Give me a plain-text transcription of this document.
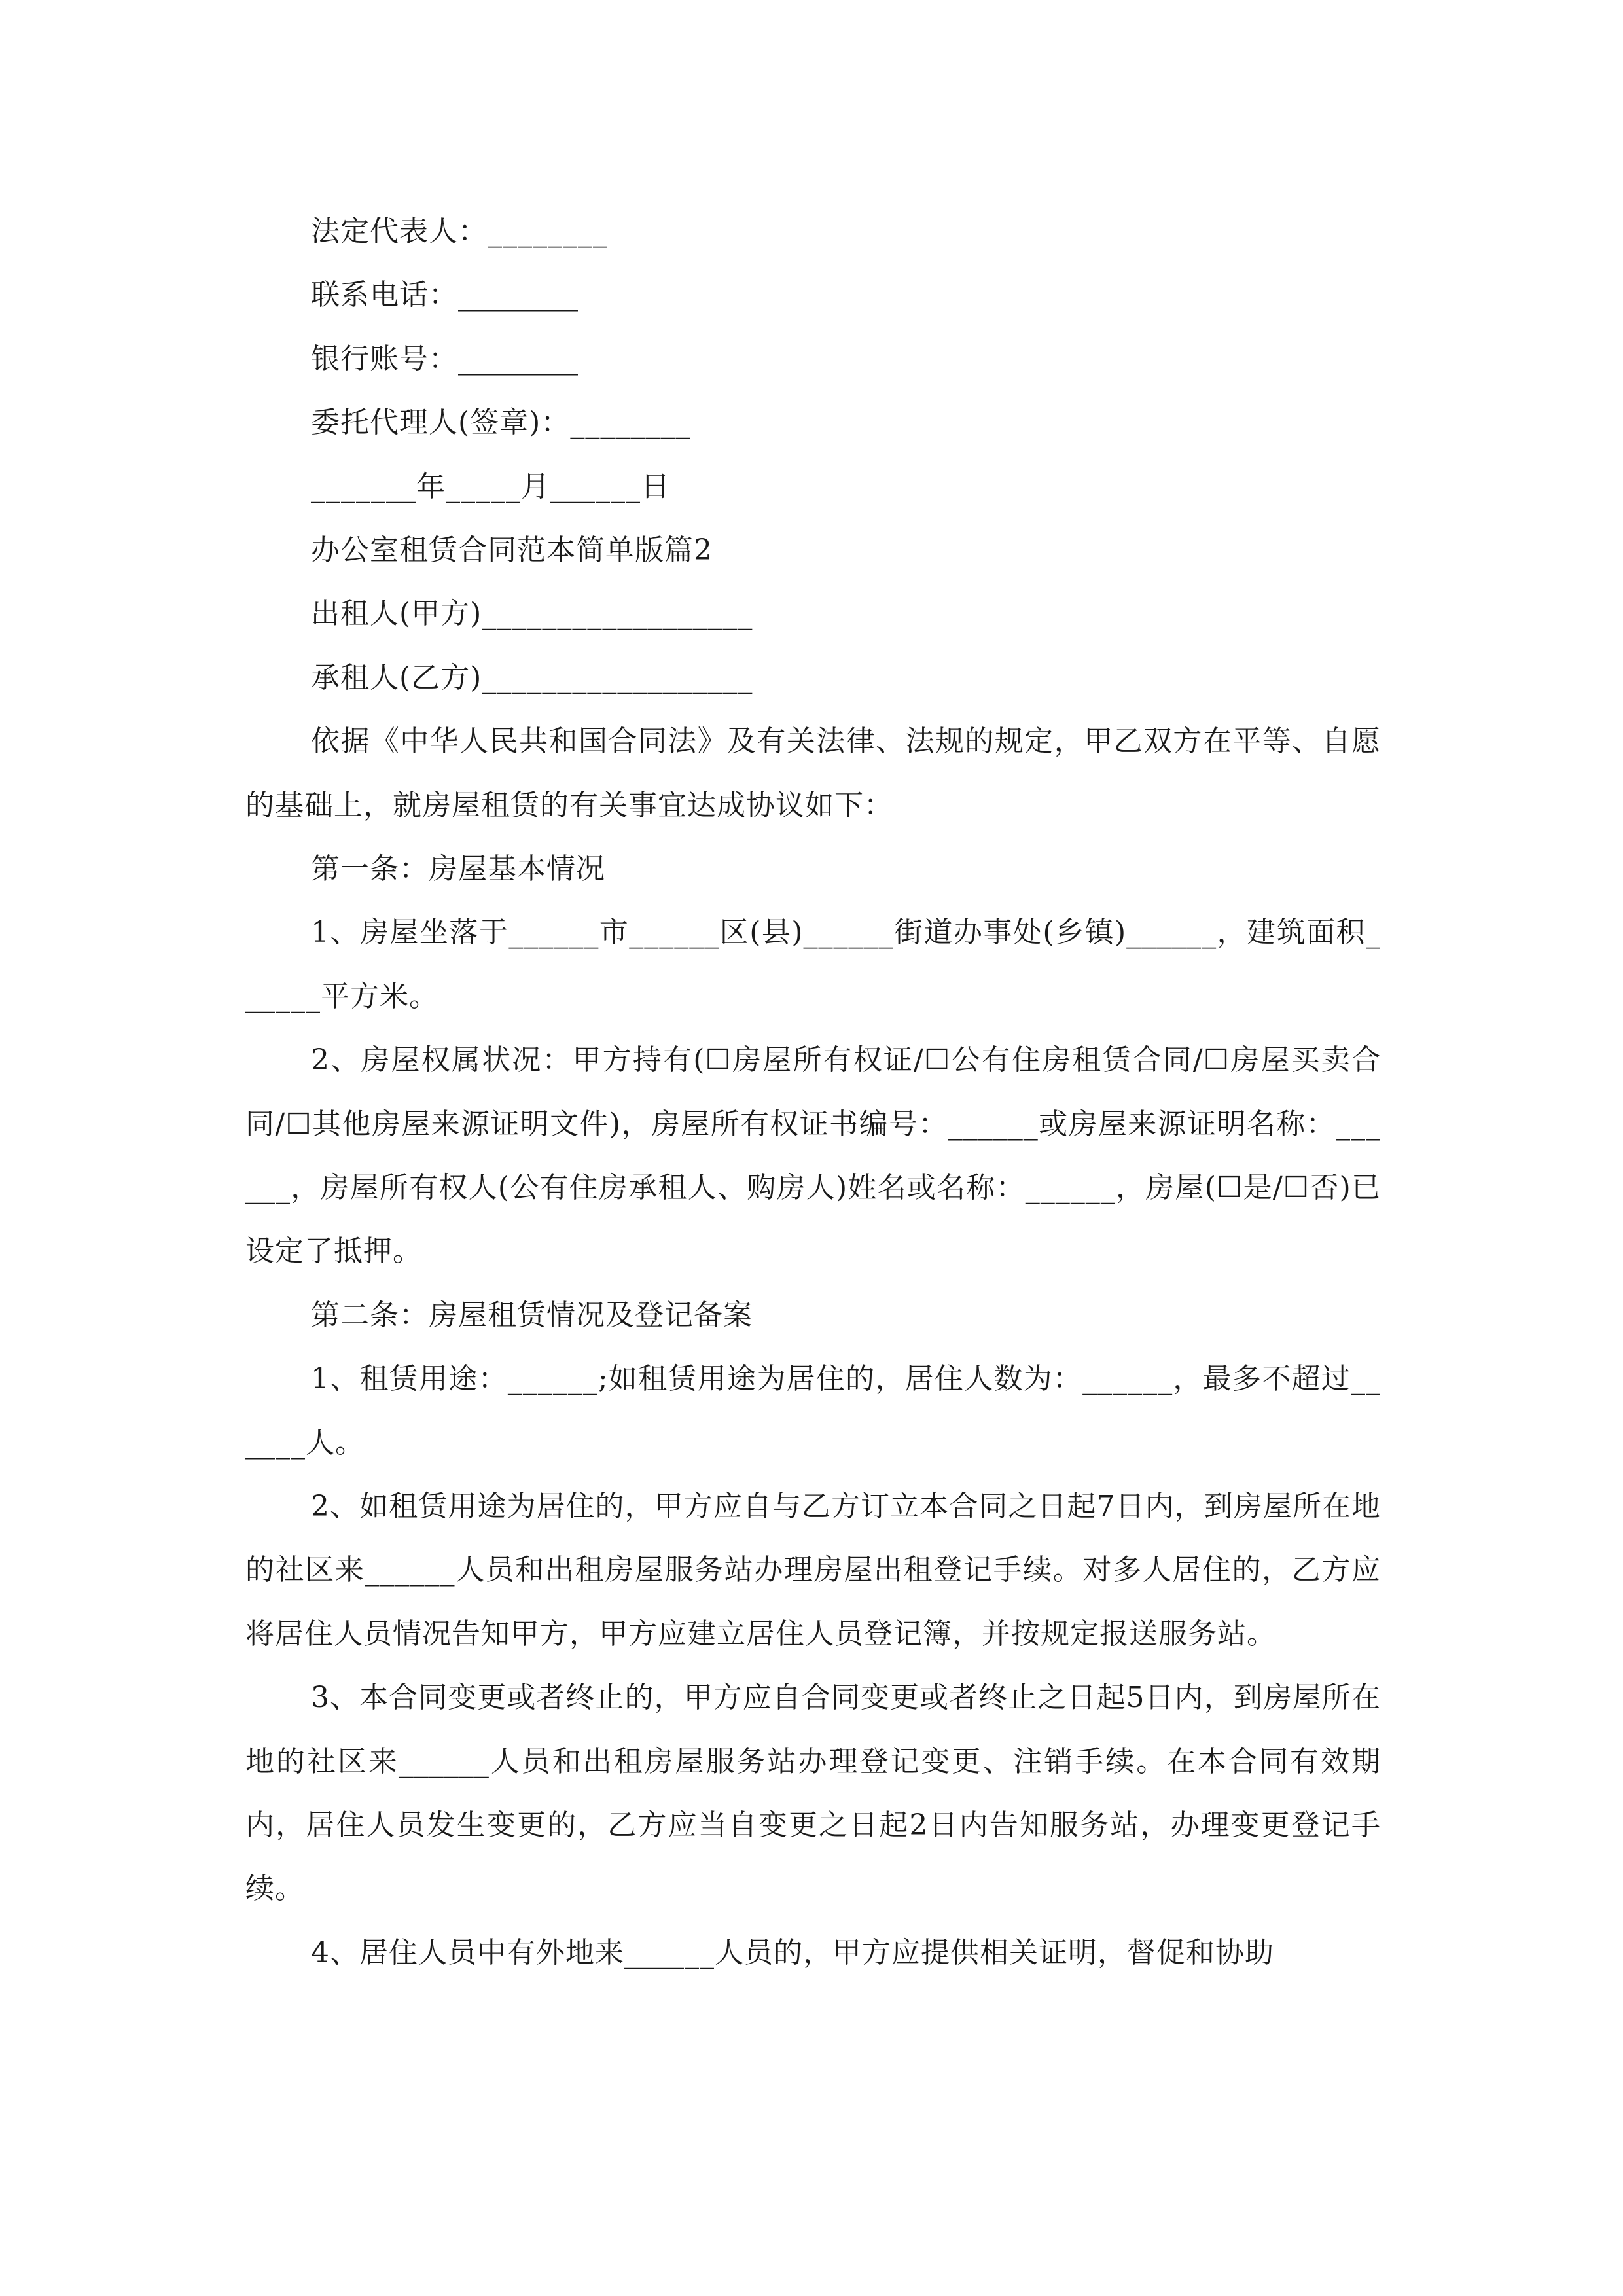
法定代表人：________
联系电话：________
银行账号：________
委托代理人(签章)：________
_______年_____月______日
办公室租赁合同范本简单版篇2
出租人(甲方)__________________
承租人(乙方)__________________
依据《中华人民共和国合同法》及有关法律、法规的规定，甲乙双方在平等、自愿的基础上，就房屋租赁的有关事宜达成协议如下：
第一条：房屋基本情况
1、房屋坐落于______市______区(县)______街道办事处(乡镇)______，建筑面积______平方米。
2、房屋权属状况：甲方持有(☐房屋所有权证/☐公有住房租赁合同/☐房屋买卖合同/☐其他房屋来源证明文件)，房屋所有权证书编号：______或房屋来源证明名称：______，房屋所有权人(公有住房承租人、购房人)姓名或名称：______，房屋(☐是/☐否)已设定了抵押。
第二条：房屋租赁情况及登记备案
1、租赁用途：______;如租赁用途为居住的，居住人数为：______，最多不超过______人。
2、如租赁用途为居住的，甲方应自与乙方订立本合同之日起7日内，到房屋所在地的社区来______人员和出租房屋服务站办理房屋出租登记手续。对多人居住的，乙方应将居住人员情况告知甲方，甲方应建立居住人员登记簿，并按规定报送服务站。
3、本合同变更或者终止的，甲方应自合同变更或者终止之日起5日内，到房屋所在地的社区来______人员和出租房屋服务站办理登记变更、注销手续。在本合同有效期内，居住人员发生变更的，乙方应当自变更之日起2日内告知服务站，办理变更登记手续。
4、居住人员中有外地来______人员的，甲方应提供相关证明，督促和协助
